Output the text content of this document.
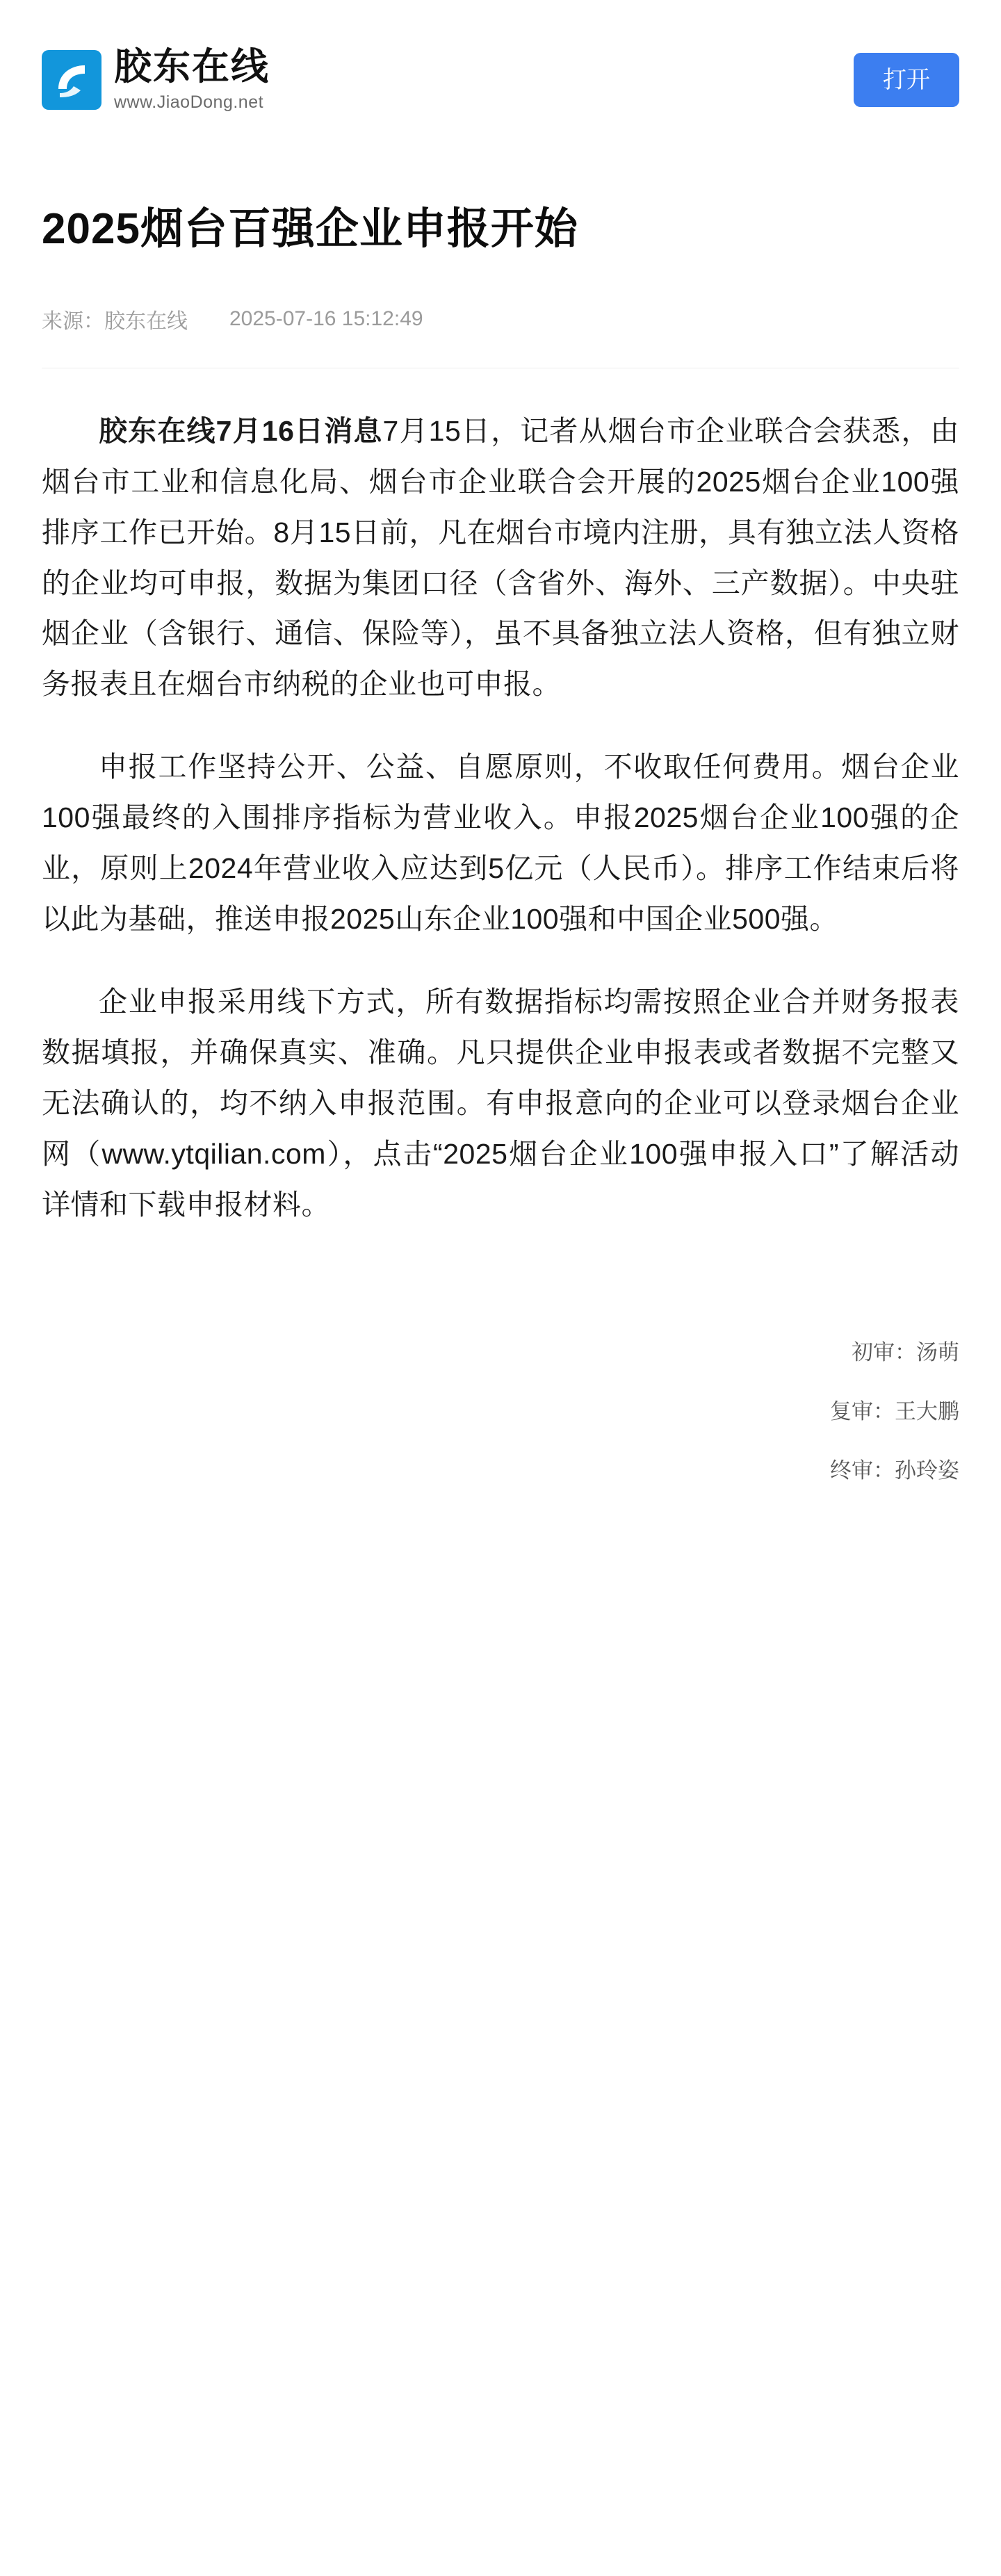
胶东在线
www.JiaoDong.net
打开
2025烟台百强企业申报开始
来源：胶东在线 2025-07-16 15:12:49

胶东在线7月16日消息7月15日，记者从烟台市企业联合会获悉，由烟台市工业和信息化局、烟台市企业联合会开展的2025烟台企业100强排序工作已开始。8月15日前，凡在烟台市境内注册，具有独立法人资格的企业均可申报，数据为集团口径（含省外、海外、三产数据）。中央驻烟企业（含银行、通信、保险等），虽不具备独立法人资格，但有独立财务报表且在烟台市纳税的企业也可申报。

申报工作坚持公开、公益、自愿原则，不收取任何费用。烟台企业100强最终的入围排序指标为营业收入。申报2025烟台企业100强的企业，原则上2024年营业收入应达到5亿元（人民币）。排序工作结束后将以此为基础，推送申报2025山东企业100强和中国企业500强。

企业申报采用线下方式，所有数据指标均需按照企业合并财务报表数据填报，并确保真实、准确。凡只提供企业申报表或者数据不完整又无法确认的，均不纳入申报范围。有申报意向的企业可以登录烟台企业网（www.ytqilian.com），点击“2025烟台企业100强申报入口”了解活动详情和下载申报材料。

初审：汤萌
复审：王大鹏
终审：孙玲姿
